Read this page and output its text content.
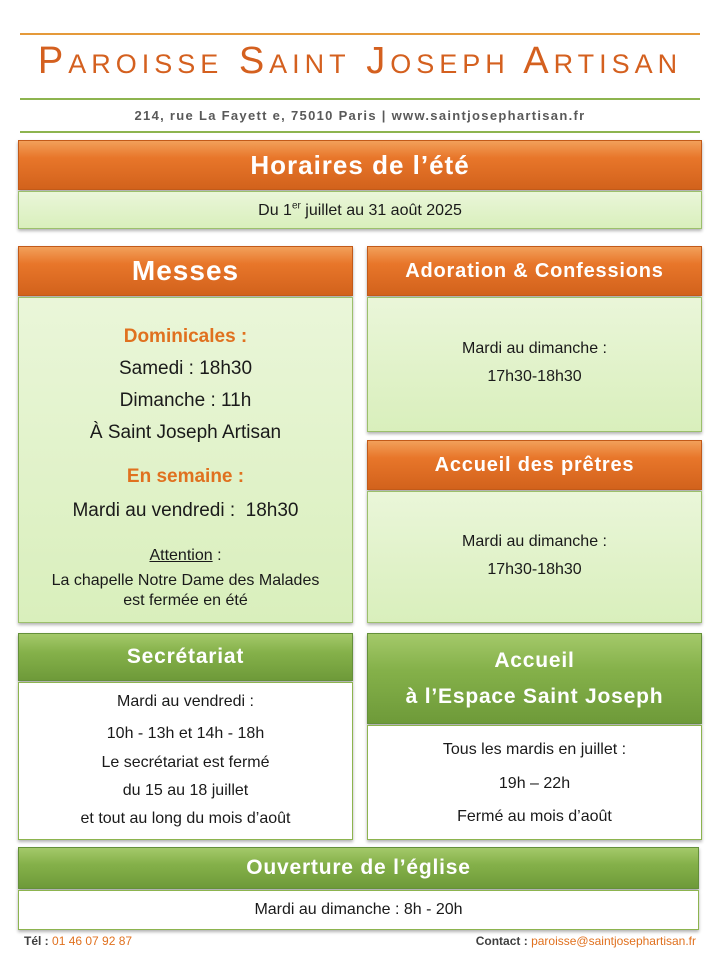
Paroisse Saint Joseph Artisan
214, rue La Fayett e, 75010 Paris | www.saintjosephartisan.fr
Horaires de l’été
Du 1er juillet au 31 août 2025
Messes
Dominicales :
Samedi : 18h30
Dimanche : 11h
À Saint Joseph Artisan
En semaine :
Mardi au vendredi :  18h30
Attention :
La chapelle Notre Dame des Malades
est fermée en été
Adoration & Confessions
Mardi au dimanche :
17h30-18h30
Accueil des prêtres
Mardi au dimanche :
17h30-18h30
Secrétariat
Mardi au vendredi :
10h - 13h et 14h - 18h
Le secrétariat est fermé
du 15 au 18 juillet
et tout au long du mois d’août
Accueil
à l’Espace Saint Joseph
Tous les mardis en juillet :
19h – 22h
Fermé au mois d’août
Ouverture de l’église
Mardi au dimanche : 8h - 20h
Tél : 01 46 07 92 87	Contact : paroisse@saintjosephartisan.fr
